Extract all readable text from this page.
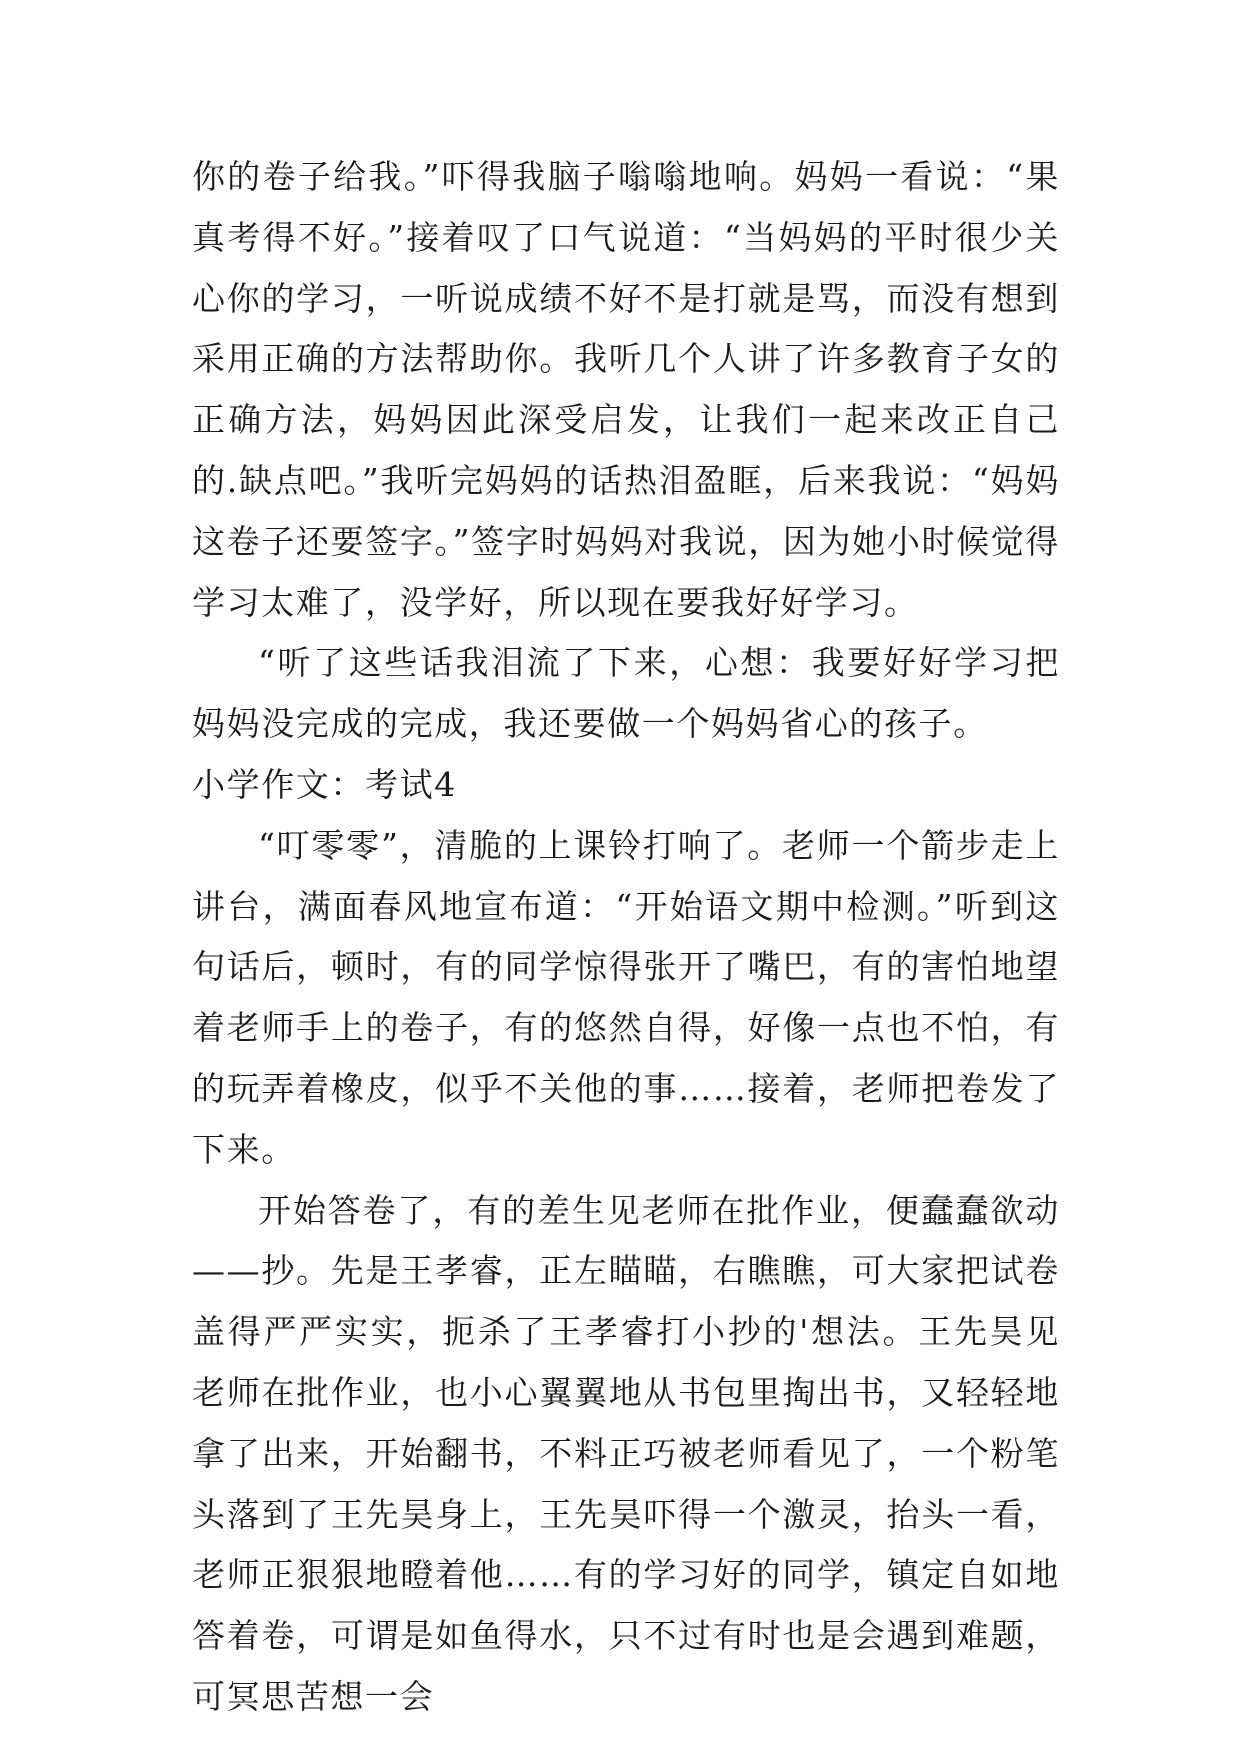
你的卷子给我。”吓得我脑子嗡嗡地响。妈妈一看说：“果真考得不好。”接着叹了口气说道：“当妈妈的平时很少关心你的学习，一听说成绩不好不是打就是骂，而没有想到采用正确的方法帮助你。我听几个人讲了许多教育子女的正确方法，妈妈因此深受启发，让我们一起来改正自己的.缺点吧。”我听完妈妈的话热泪盈眶，后来我说：“妈妈这卷子还要签字。”签字时妈妈对我说，因为她小时候觉得学习太难了，没学好，所以现在要我好好学习。

“听了这些话我泪流了下来，心想：我要好好学习把妈妈没完成的完成，我还要做一个妈妈省心的孩子。

小学作文：考试4

“叮零零”，清脆的上课铃打响了。老师一个箭步走上讲台，满面春风地宣布道：“开始语文期中检测。”听到这句话后，顿时，有的同学惊得张开了嘴巴，有的害怕地望着老师手上的卷子，有的悠然自得，好像一点也不怕，有的玩弄着橡皮，似乎不关他的事……接着，老师把卷发了下来。

开始答卷了，有的差生见老师在批作业，便蠢蠢欲动——抄。先是王孝睿，正左瞄瞄，右瞧瞧，可大家把试卷盖得严严实实，扼杀了王孝睿打小抄的'想法。王先昊见老师在批作业，也小心翼翼地从书包里掏出书，又轻轻地拿了出来，开始翻书，不料正巧被老师看见了，一个粉笔头落到了王先昊身上，王先昊吓得一个激灵，抬头一看，老师正狠狠地瞪着他……有的学习好的同学，镇定自如地答着卷，可谓是如鱼得水，只不过有时也是会遇到难题，可冥思苦想一会
